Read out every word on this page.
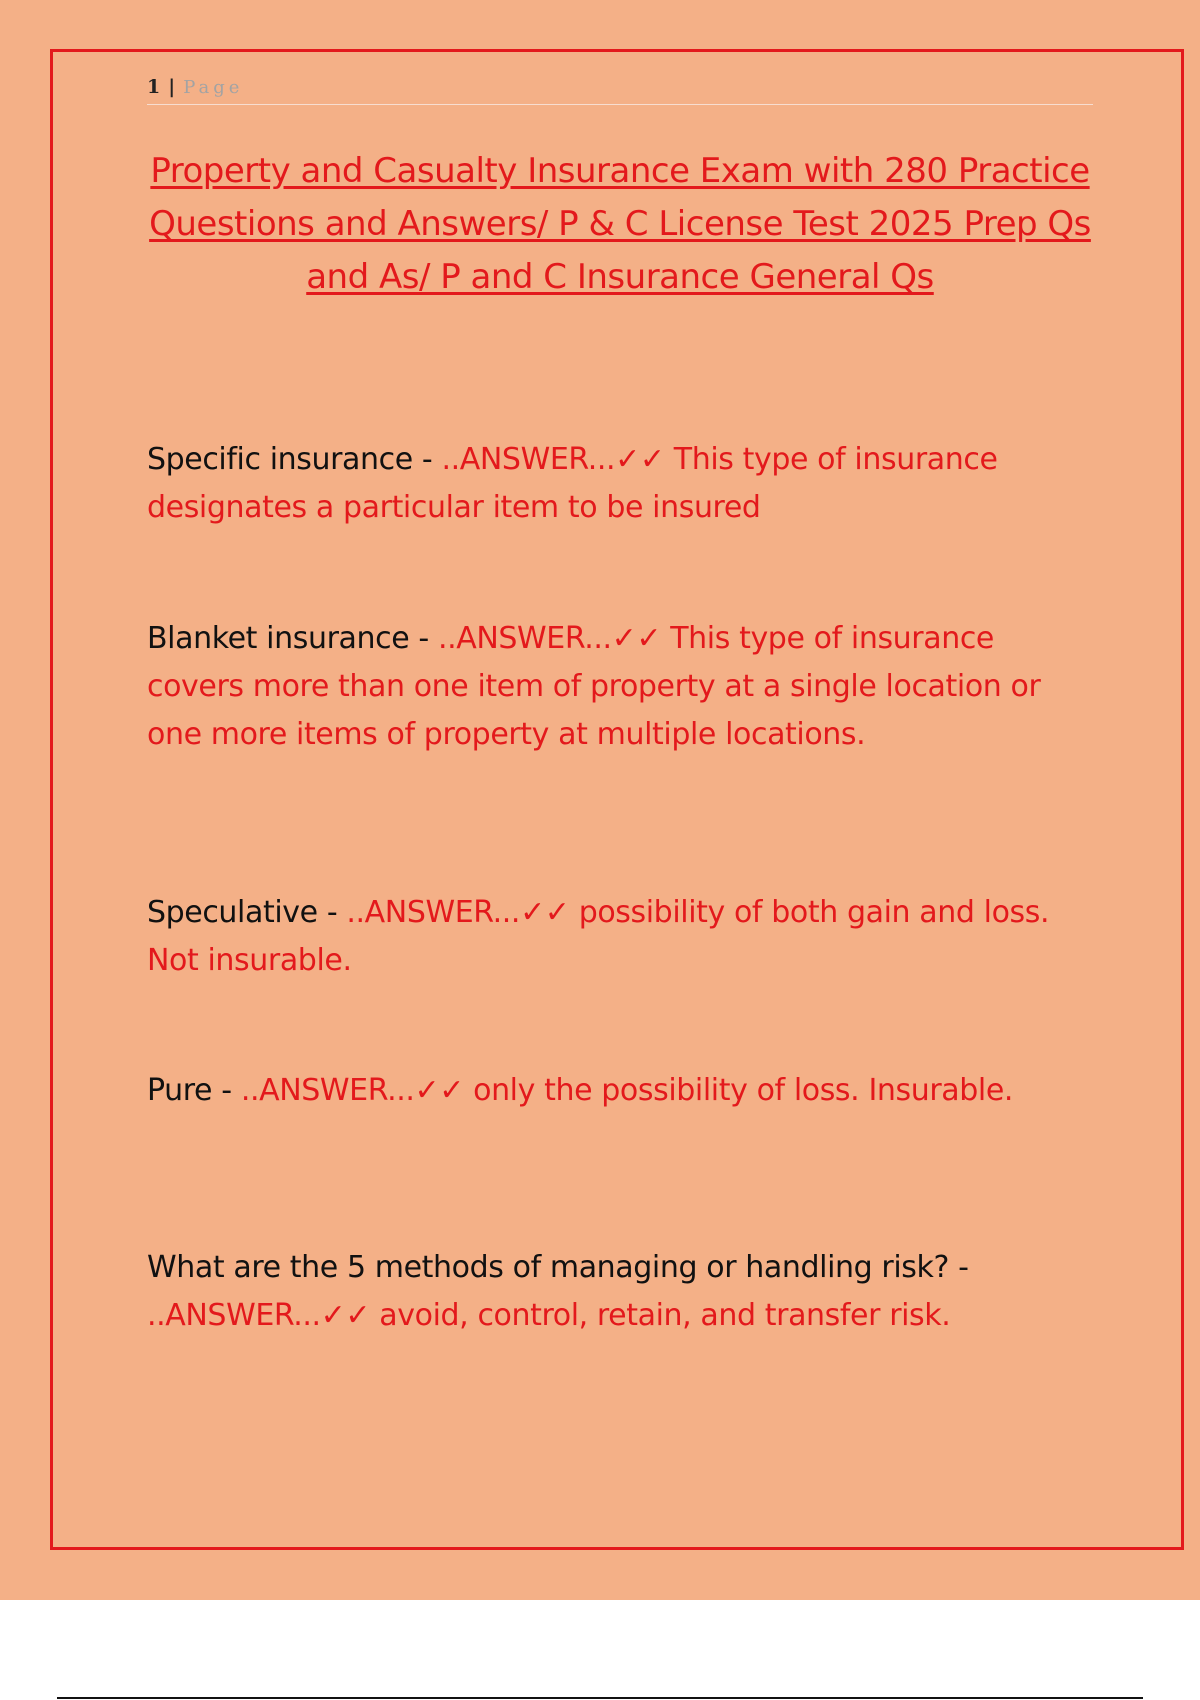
1 | Page
Property and Casualty Insurance Exam with 280 Practice Questions and Answers/ P & C License Test 2025 Prep Qs and As/ P and C Insurance General Qs
Specific insurance - ..ANSWER...✓✓ This type of insurance designates a particular item to be insured
Blanket insurance - ..ANSWER...✓✓ This type of insurance covers more than one item of property at a single location or one more items of property at multiple locations.
Speculative - ..ANSWER...✓✓ possibility of both gain and loss. Not insurable.
Pure - ..ANSWER...✓✓ only the possibility of loss. Insurable.
What are the 5 methods of managing or handling risk? - ..ANSWER...✓✓ avoid, control, retain, and transfer risk.
